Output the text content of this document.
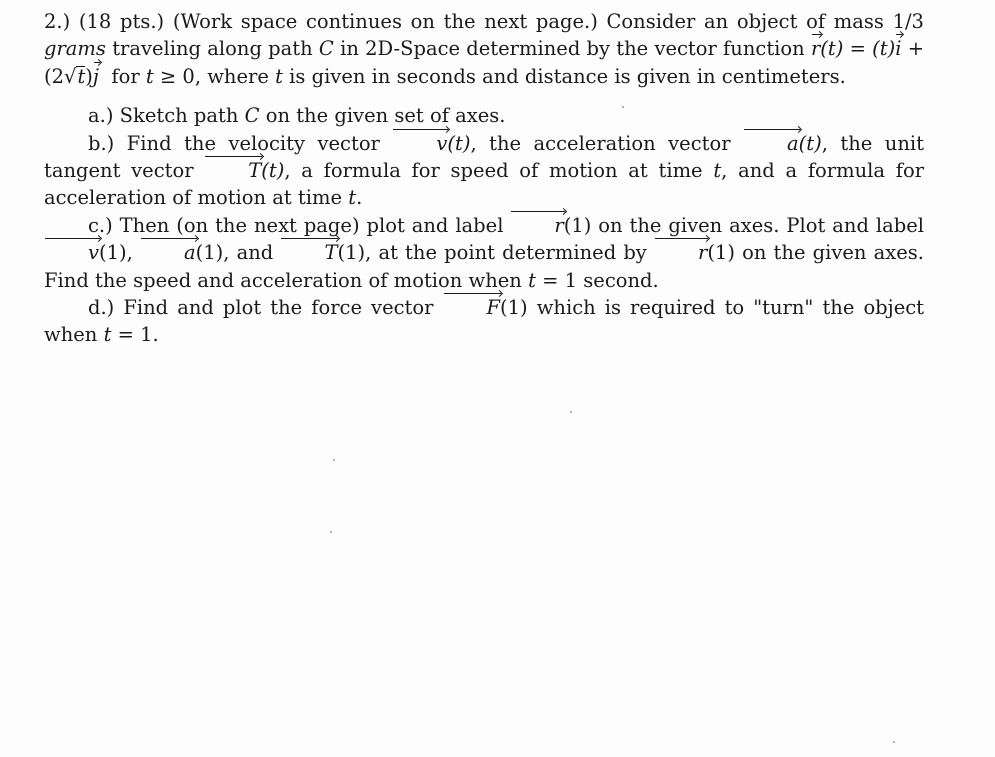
2.) (18 pts.) (Work space continues on the next page.) Consider an object of mass 1/3 grams traveling along path C in 2D-Space determined by the vector function r(t) = (t)i + (2√t)j for t ≥ 0, where t is given in seconds and distance is given in centimeters.

a.) Sketch path C on the given set of axes.

b.) Find the velocity vector	v(t), the acceleration vector	a(t), the unit tangent vector	T(t), a formula for speed of motion at time t, and a formula for acceleration of motion at time t.

c.) Then (on the next page) plot and label	r(1) on the given axes. Plot and label v(1),	a(1), and	T(1), at the point determined by	r(1) on the given axes. Find the speed and acceleration of motion when t = 1 second.

d.) Find and plot the force vector	F(1) which is required to "turn" the object when t = 1.
